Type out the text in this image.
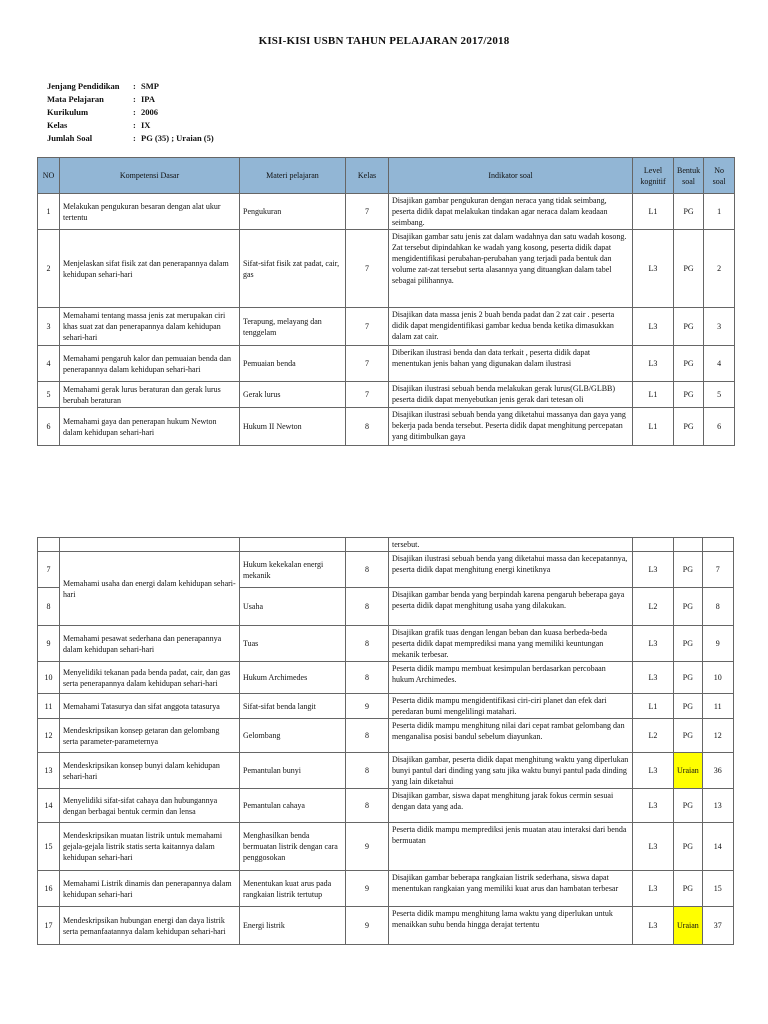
KISI-KISI USBN TAHUN PELAJARAN 2017/2018
Jenjang Pendidikan	: SMP
Mata Pelajaran	: IPA
Kurikulum	: 2006
Kelas	: IX
Jumlah Soal	: PG (35) ; Uraian (5)
NO	Kompetensi Dasar	Materi pelajaran	Kelas	Indikator soal	Level kognitif	Bentuk soal	No soal
1	Melakukan pengukuran besaran dengan alat ukur tertentu	Pengukuran	7	Disajikan gambar pengukuran dengan neraca yang tidak seimbang, peserta didik dapat melakukan tindakan agar neraca dalam keadaan seimbang.	L1	PG	1
2	Menjelaskan sifat fisik zat dan penerapannya dalam kehidupan sehari-hari	Sifat-sifat fisik zat padat, cair, gas	7	Disajikan gambar satu jenis zat dalam wadahnya dan satu wadah kosong. Zat tersebut dipindahkan ke wadah yang kosong, peserta didik dapat mengidentifikasi perubahan-perubahan yang terjadi pada bentuk dan volume zat-zat tersebut serta alasannya yang dituangkan dalam tabel sebagai pilihannya.	L3	PG	2
3	Memahami tentang massa jenis zat merupakan ciri khas suat zat dan penerapannya dalam kehidupan sehari-hari	Terapung, melayang dan tenggelam	7	Disajikan data massa jenis 2 buah benda padat dan 2 zat cair . peserta didik dapat mengidentifikasi gambar kedua benda ketika dimasukkan dalam zat cair.	L3	PG	3
4	Memahami pengaruh kalor dan pemuaian benda dan penerapannya dalam kehidupan sehari-hari	Pemuaian benda	7	Diberikan ilustrasi benda dan data terkait , peserta didik dapat menentukan jenis bahan yang digunakan dalam ilustrasi	L3	PG	4
5	Memahami gerak lurus beraturan dan gerak lurus berubah beraturan	Gerak lurus	7	Disajikan ilustrasi sebuah benda melakukan gerak lurus(GLB/GLBB) peserta didik dapat menyebutkan jenis gerak dari tetesan oli	L1	PG	5
6	Memahami gaya dan penerapan hukum Newton dalam kehidupan sehari-hari	Hukum II Newton	8	Disajikan ilustrasi sebuah benda yang diketahui massanya dan gaya yang bekerja pada benda tersebut. Peserta didik dapat menghitung percepatan yang ditimbulkan gaya	L1	PG	6
				tersebut.			
7	Memahami usaha dan energi dalam kehidupan sehari-hari	Hukum kekekalan energi mekanik	8	Disajikan ilustrasi sebuah benda yang diketahui massa dan kecepatannya, peserta didik dapat menghitung energi kinetiknya	L3	PG	7
8		Usaha	8	Disajikan gambar benda yang berpindah karena pengaruh beberapa gaya peserta didik dapat menghitung usaha yang dilakukan.	L2	PG	8
9	Memahami pesawat sederhana dan penerapannya dalam kehidupan sehari-hari	Tuas	8	Disajikan grafik tuas dengan lengan beban dan kuasa berbeda-beda peserta didik dapat memprediksi mana yang memiliki keuntungan mekanik terbesar.	L3	PG	9
10	Menyelidiki tekanan pada benda padat, cair, dan gas serta penerapannya dalam kehidupan sehari-hari	Hukum Archimedes	8	Peserta didik mampu membuat kesimpulan berdasarkan percobaan hukum Archimedes.	L3	PG	10
11	Memahami Tatasurya dan sifat anggota tatasurya	Sifat-sifat benda langit	9	Peserta didik mampu mengidentifikasi ciri-ciri planet dan efek dari peredaran bumi mengelilingi matahari.	L1	PG	11
12	Mendeskripsikan konsep getaran dan gelombang serta parameter-parameternya	Gelombang	8	Peserta didik mampu menghitung nilai dari cepat rambat gelombang dan menganalisa posisi bandul sebelum diayunkan.	L2	PG	12
13	Mendeskripsikan konsep bunyi dalam kehidupan sehari-hari	Pemantulan bunyi	8	Disajikan gambar, peserta didik dapat menghitung waktu yang diperlukan bunyi pantul dari dinding yang satu jika waktu bunyi pantul pada dinding yang lain diketahui	L3	Uraian	36
14	Menyelidiki sifat-sifat cahaya dan hubungannya dengan berbagai bentuk cermin dan lensa	Pemantulan cahaya	8	Disajikan gambar, siswa dapat menghitung jarak fokus cermin sesuai dengan data yang ada.	L3	PG	13
15	Mendeskripsikan muatan listrik untuk memahami gejala-gejala listrik statis serta kaitannya dalam kehidupan sehari-hari	Menghasilkan benda bermuatan listrik dengan cara penggosokan	9	Peserta didik mampu memprediksi jenis muatan atau interaksi dari benda bermuatan	L3	PG	14
16	Memahami Listrik dinamis dan penerapannya dalam kehidupan sehari-hari	Menentukan kuat arus pada rangkaian listrik tertutup	9	Disajikan gambar beberapa rangkaian listrik sederhana, siswa dapat menentukan rangkaian yang memiliki kuat arus dan hambatan terbesar	L3	PG	15
17	Mendeskripsikan hubungan energi dan daya listrik serta pemanfaatannya dalam kehidupan sehari-hari	Energi listrik	9	Peserta didik mampu menghitung lama waktu yang diperlukan untuk menaikkan suhu benda hingga derajat tertentu	L3	Uraian	37
